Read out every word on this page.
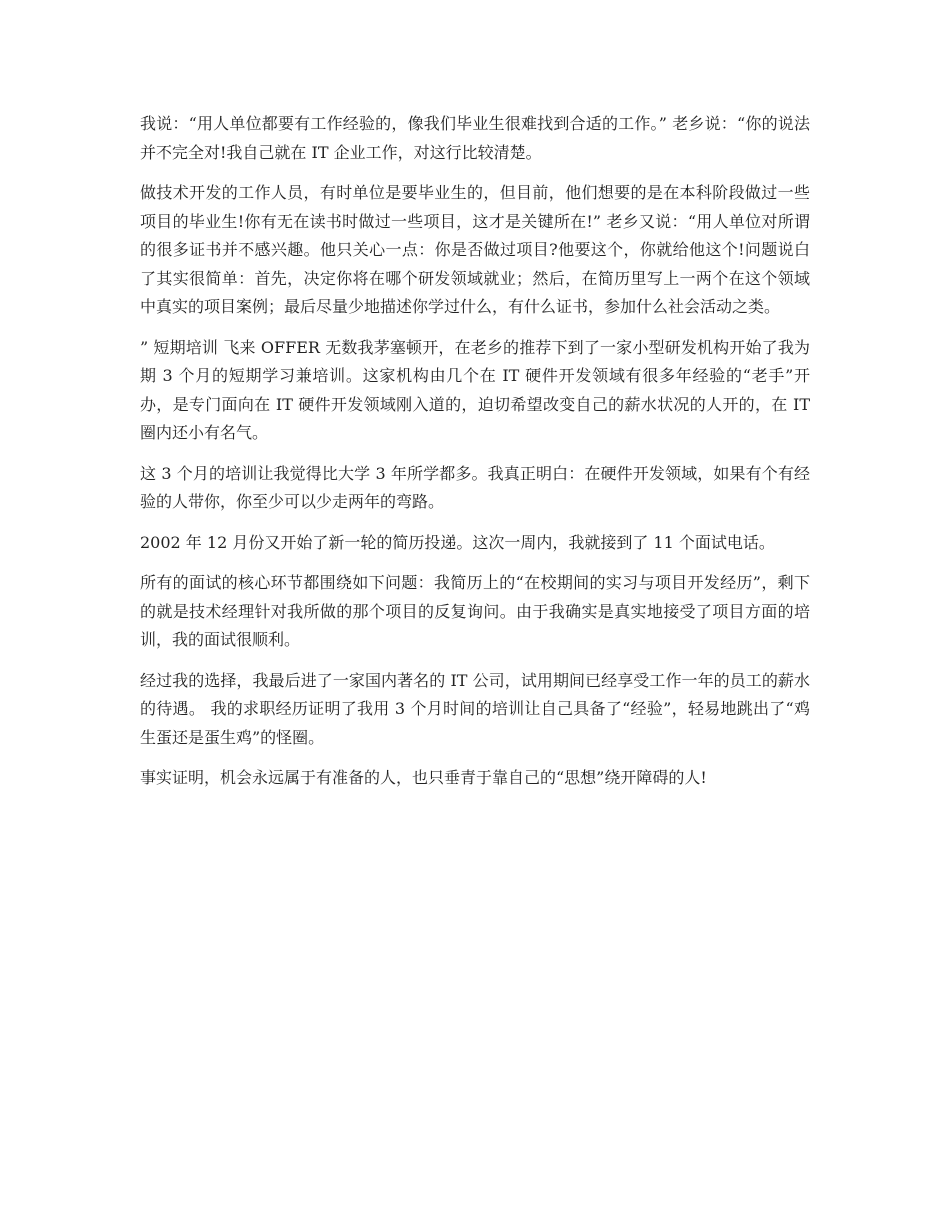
我说：“用人单位都要有工作经验的，像我们毕业生很难找到合适的工作。” 老乡说：“你的说法并不完全对!我自己就在 IT 企业工作，对这行比较清楚。

做技术开发的工作人员，有时单位是要毕业生的，但目前，他们想要的是在本科阶段做过一些项目的毕业生!你有无在读书时做过一些项目，这才是关键所在!” 老乡又说：“用人单位对所谓的很多证书并不感兴趣。他只关心一点：你是否做过项目?他要这个，你就给他这个!问题说白了其实很简单：首先，决定你将在哪个研发领域就业；然后，在简历里写上一两个在这个领域中真实的项目案例；最后尽量少地描述你学过什么，有什么证书，参加什么社会活动之类。

” 短期培训 飞来 OFFER 无数我茅塞顿开，在老乡的推荐下到了一家小型研发机构开始了我为期 3 个月的短期学习兼培训。这家机构由几个在 IT 硬件开发领域有很多年经验的“老手”开办，是专门面向在 IT 硬件开发领域刚入道的，迫切希望改变自己的薪水状况的人开的，在 IT 圈内还小有名气。

这 3 个月的培训让我觉得比大学 3 年所学都多。我真正明白：在硬件开发领域，如果有个有经验的人带你，你至少可以少走两年的弯路。

2002 年 12 月份又开始了新一轮的简历投递。这次一周内，我就接到了 11 个面试电话。

所有的面试的核心环节都围绕如下问题：我简历上的“在校期间的实习与项目开发经历”，剩下的就是技术经理针对我所做的那个项目的反复询问。由于我确实是真实地接受了项目方面的培训，我的面试很顺利。

经过我的选择，我最后进了一家国内著名的 IT 公司，试用期间已经享受工作一年的员工的薪水的待遇。 我的求职经历证明了我用 3 个月时间的培训让自己具备了“经验”，轻易地跳出了“鸡生蛋还是蛋生鸡”的怪圈。

事实证明，机会永远属于有准备的人，也只垂青于靠自己的“思想”绕开障碍的人!
